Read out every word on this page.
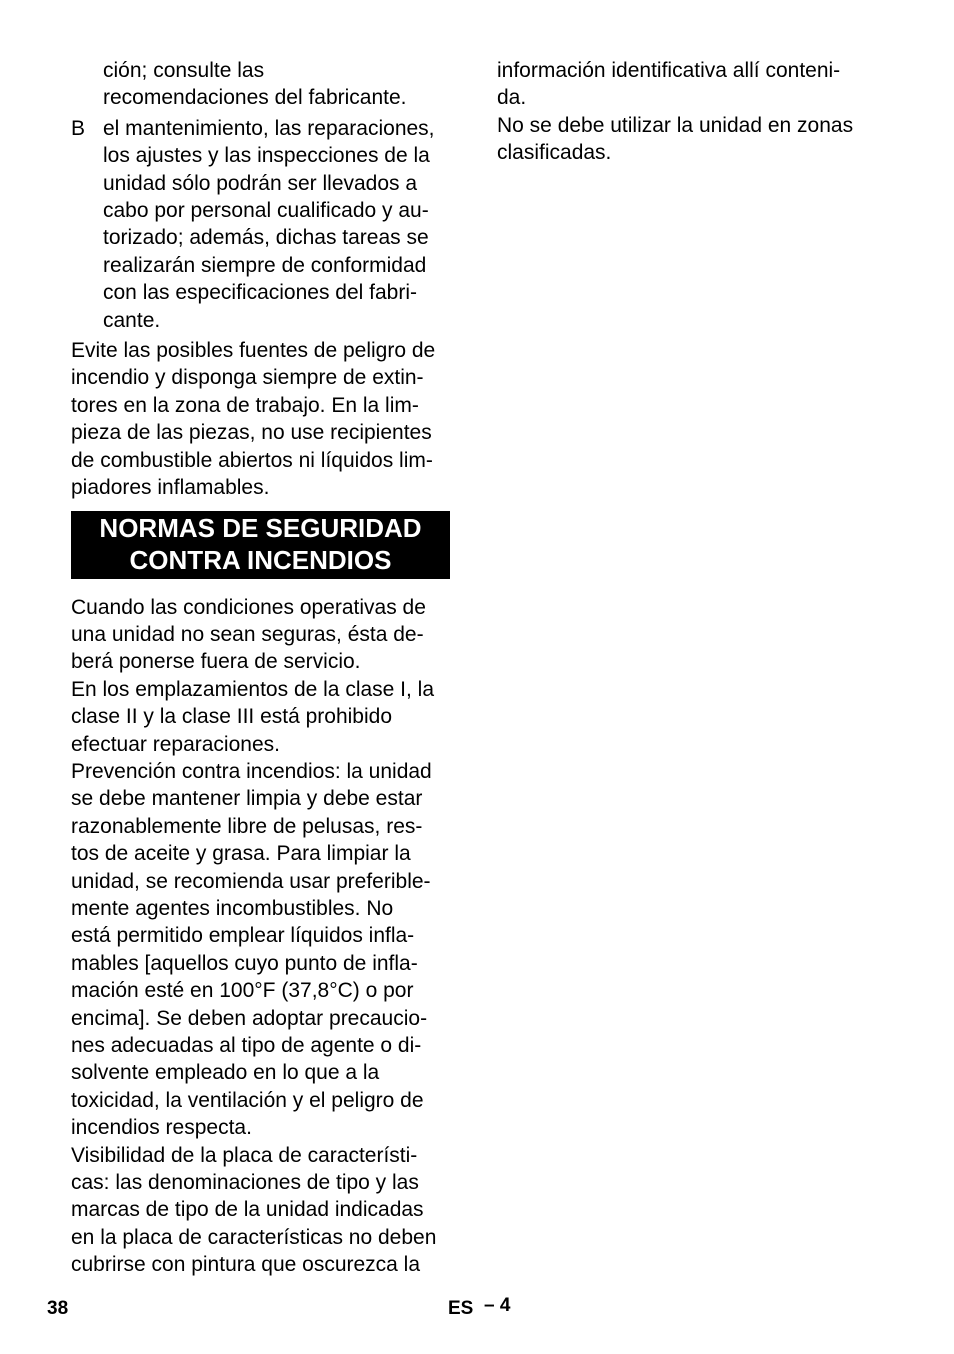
ción; consulte las
recomendaciones del fabricante.
B el mantenimiento, las reparaciones,
los ajustes y las inspecciones de la
unidad sólo podrán ser llevados a
cabo por personal cualificado y au-
torizado; además, dichas tareas se
realizarán siempre de conformidad
con las especificaciones del fabri-
cante.
Evite las posibles fuentes de peligro de
incendio y disponga siempre de extin-
tores en la zona de trabajo. En la lim-
pieza de las piezas, no use recipientes
de combustible abiertos ni líquidos lim-
piadores inflamables.
NORMAS DE SEGURIDAD
CONTRA INCENDIOS
Cuando las condiciones operativas de
una unidad no sean seguras, ésta de-
berá ponerse fuera de servicio.
En los emplazamientos de la clase I, la
clase II y la clase III está prohibido
efectuar reparaciones.
Prevención contra incendios: la unidad
se debe mantener limpia y debe estar
razonablemente libre de pelusas, res-
tos de aceite y grasa. Para limpiar la
unidad, se recomienda usar preferible-
mente agentes incombustibles. No
está permitido emplear líquidos infla-
mables [aquellos cuyo punto de infla-
mación esté en 100°F (37,8°C) o por
encima]. Se deben adoptar precaucio-
nes adecuadas al tipo de agente o di-
solvente empleado en lo que a la
toxicidad, la ventilación y el peligro de
incendios respecta.
Visibilidad de la placa de característi-
cas: las denominaciones de tipo y las
marcas de tipo de la unidad indicadas
en la placa de características no deben
cubrirse con pintura que oscurezca la
información identificativa allí conteni-
da.
No se debe utilizar la unidad en zonas
clasificadas.
38	ES – 4
